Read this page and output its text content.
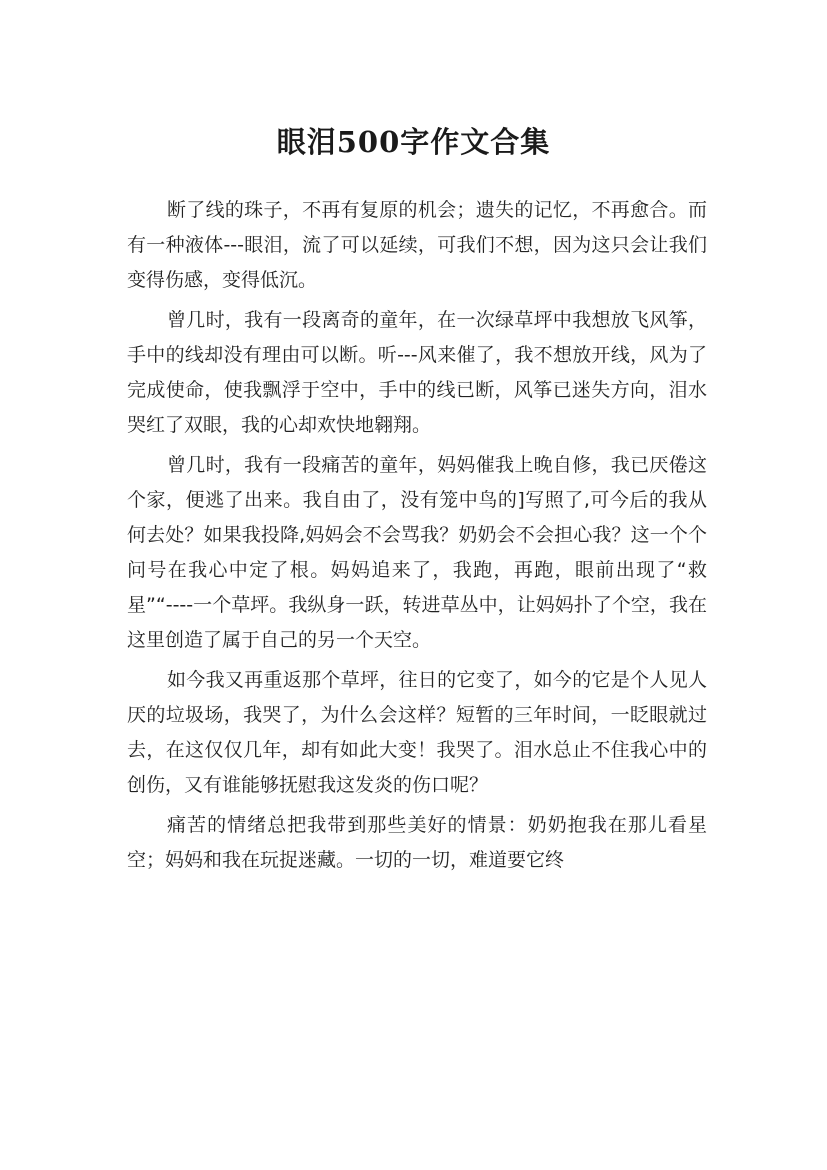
眼泪500字作文合集

断了线的珠子，不再有复原的机会；遗失的记忆，不再愈合。而有一种液体---眼泪，流了可以延续，可我们不想，因为这只会让我们变得伤感，变得低沉。

曾几时，我有一段离奇的童年，在一次绿草坪中我想放飞风筝，手中的线却没有理由可以断。听---风来催了，我不想放开线，风为了完成使命，使我飘浮于空中，手中的线已断，风筝已迷失方向，泪水哭红了双眼，我的心却欢快地翱翔。

曾几时，我有一段痛苦的童年，妈妈催我上晚自修，我已厌倦这个家，便逃了出来。我自由了，没有笼中鸟的]写照了,可今后的我从何去处？如果我投降,妈妈会不会骂我？奶奶会不会担心我？这一个个问号在我心中定了根。妈妈追来了，我跑，再跑，眼前出现了“救星”“----一个草坪。我纵身一跃，转进草丛中，让妈妈扑了个空，我在这里创造了属于自己的另一个天空。

如今我又再重返那个草坪，往日的它变了，如今的它是个人见人厌的垃圾场，我哭了，为什么会这样？短暂的三年时间，一眨眼就过去，在这仅仅几年，却有如此大变！我哭了。泪水总止不住我心中的创伤，又有谁能够抚慰我这发炎的伤口呢？

痛苦的情绪总把我带到那些美好的情景：奶奶抱我在那儿看星空；妈妈和我在玩捉迷藏。一切的一切，难道要它终
